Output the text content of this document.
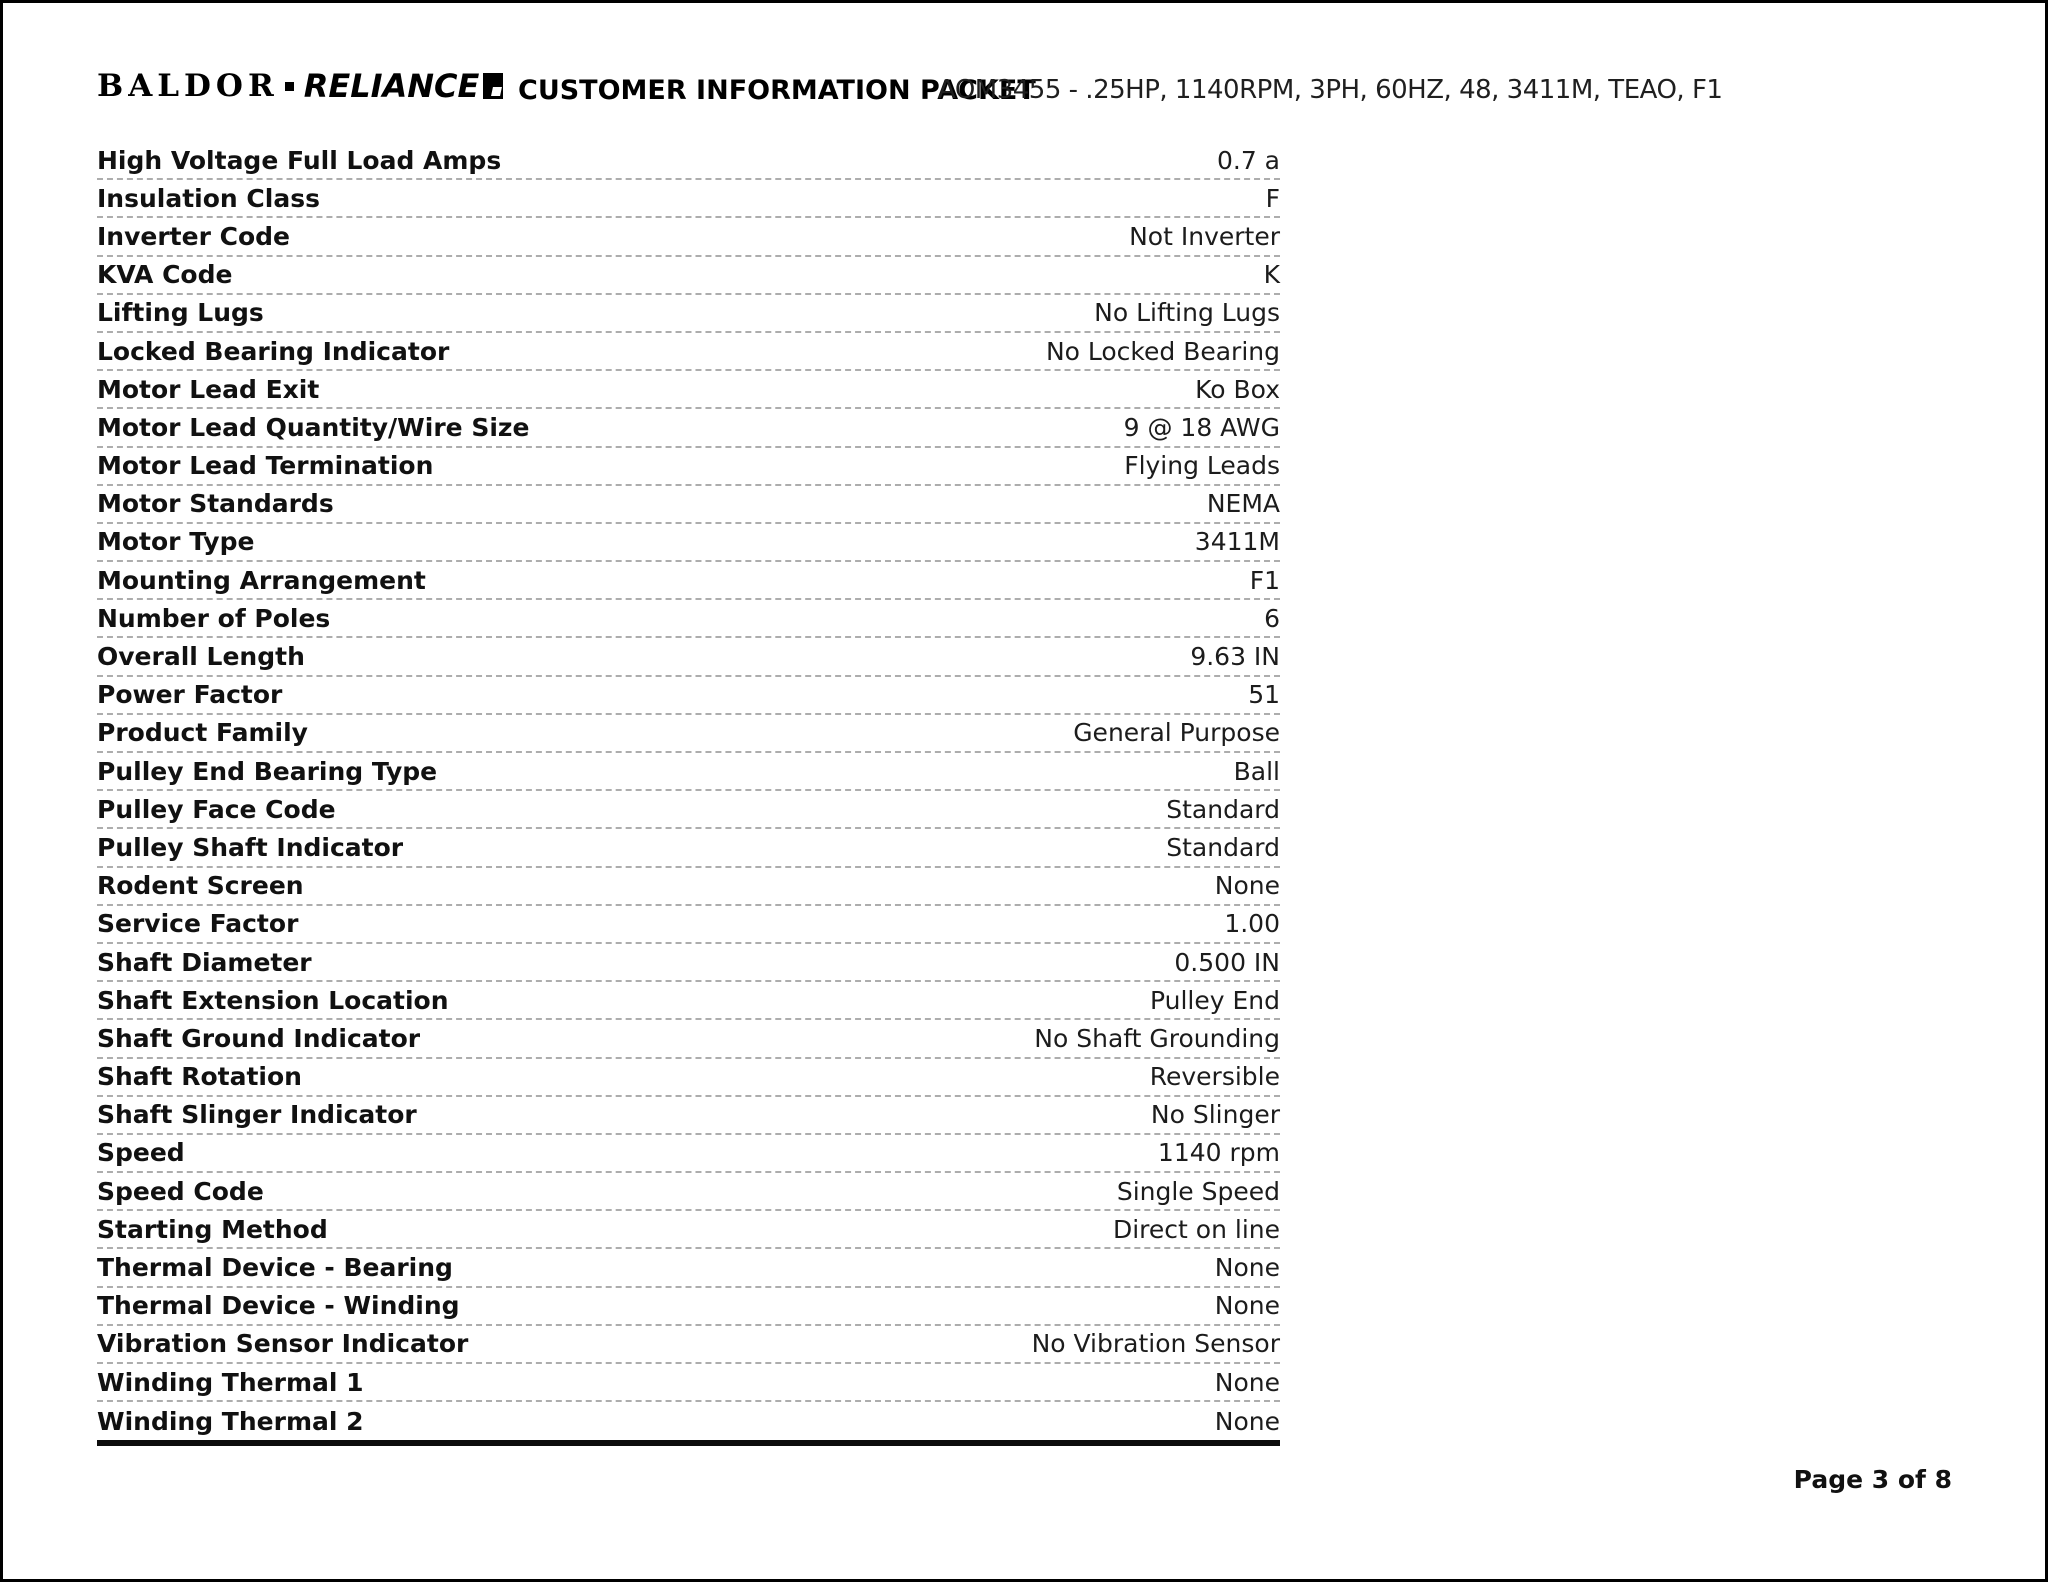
BALDOR RELIANCE CUSTOMER INFORMATION PACKET
AOM3455 - .25HP, 1140RPM, 3PH, 60HZ, 48, 3411M, TEAO, F1
High Voltage Full Load Amps	0.7 a
Insulation Class	F
Inverter Code	Not Inverter
KVA Code	K
Lifting Lugs	No Lifting Lugs
Locked Bearing Indicator	No Locked Bearing
Motor Lead Exit	Ko Box
Motor Lead Quantity/Wire Size	9 @ 18 AWG
Motor Lead Termination	Flying Leads
Motor Standards	NEMA
Motor Type	3411M
Mounting Arrangement	F1
Number of Poles	6
Overall Length	9.63 IN
Power Factor	51
Product Family	General Purpose
Pulley End Bearing Type	Ball
Pulley Face Code	Standard
Pulley Shaft Indicator	Standard
Rodent Screen	None
Service Factor	1.00
Shaft Diameter	0.500 IN
Shaft Extension Location	Pulley End
Shaft Ground Indicator	No Shaft Grounding
Shaft Rotation	Reversible
Shaft Slinger Indicator	No Slinger
Speed	1140 rpm
Speed Code	Single Speed
Starting Method	Direct on line
Thermal Device - Bearing	None
Thermal Device - Winding	None
Vibration Sensor Indicator	No Vibration Sensor
Winding Thermal 1	None
Winding Thermal 2	None
Page 3 of 8
